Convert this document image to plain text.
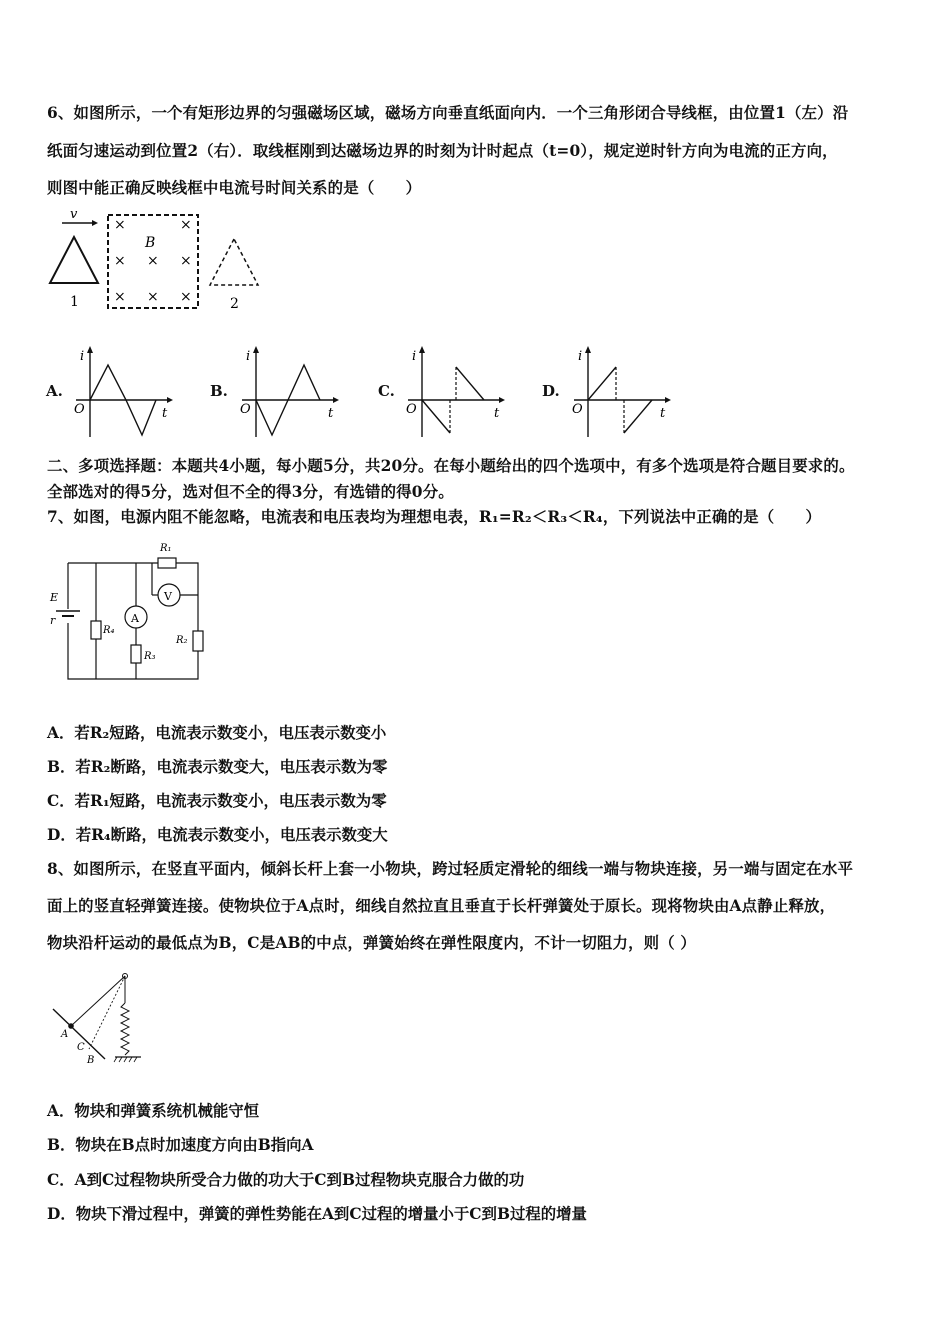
6、如图所示，一个有矩形边界的匀强磁场区域，磁场方向垂直纸面向内．一个三角形闭合导线框，由位置1（左）沿
纸面匀速运动到位置2（右）．取线框刚到达磁场边界的时刻为计时起点（t=0），规定逆时针方向为电流的正方向，
则图中能正确反映线框中电流号时间关系的是（　　）
v
1
×	×
× × ×
× × ×
B
2
A.
i
O	t
B.
i
O	t
C.
i
O	t
D.
i
O	t
二、多项选择题：本题共4小题，每小题5分，共20分。在每小题给出的四个选项中，有多个选项是符合题目要求的。
全部选对的得5分，选对但不全的得3分，有选错的得0分。
7、如图，电源内阻不能忽略，电流表和电压表均为理想电表，R₁=R₂＜R₃＜R₄，下列说法中正确的是（　　）
E
r
R₄
A
R₃
R₁
V
R₂
A．若R₂短路，电流表示数变小，电压表示数变小
B．若R₂断路，电流表示数变大，电压表示数为零
C．若R₁短路，电流表示数变小，电压表示数为零
D．若R₄断路，电流表示数变小，电压表示数变大
8、如图所示，在竖直平面内，倾斜长杆上套一小物块，跨过轻质定滑轮的细线一端与物块连接，另一端与固定在水平
面上的竖直轻弹簧连接。使物块位于A点时，细线自然拉直且垂直于长杆弹簧处于原长。现将物块由A点静止释放，
物块沿杆运动的最低点为B，C是AB的中点，弹簧始终在弹性限度内，不计一切阻力，则（ ）
A
C
B
A．物块和弹簧系统机械能守恒
B．物块在B点时加速度方向由B指向A
C．A到C过程物块所受合力做的功大于C到B过程物块克服合力做的功
D．物块下滑过程中，弹簧的弹性势能在A到C过程的增量小于C到B过程的增量
